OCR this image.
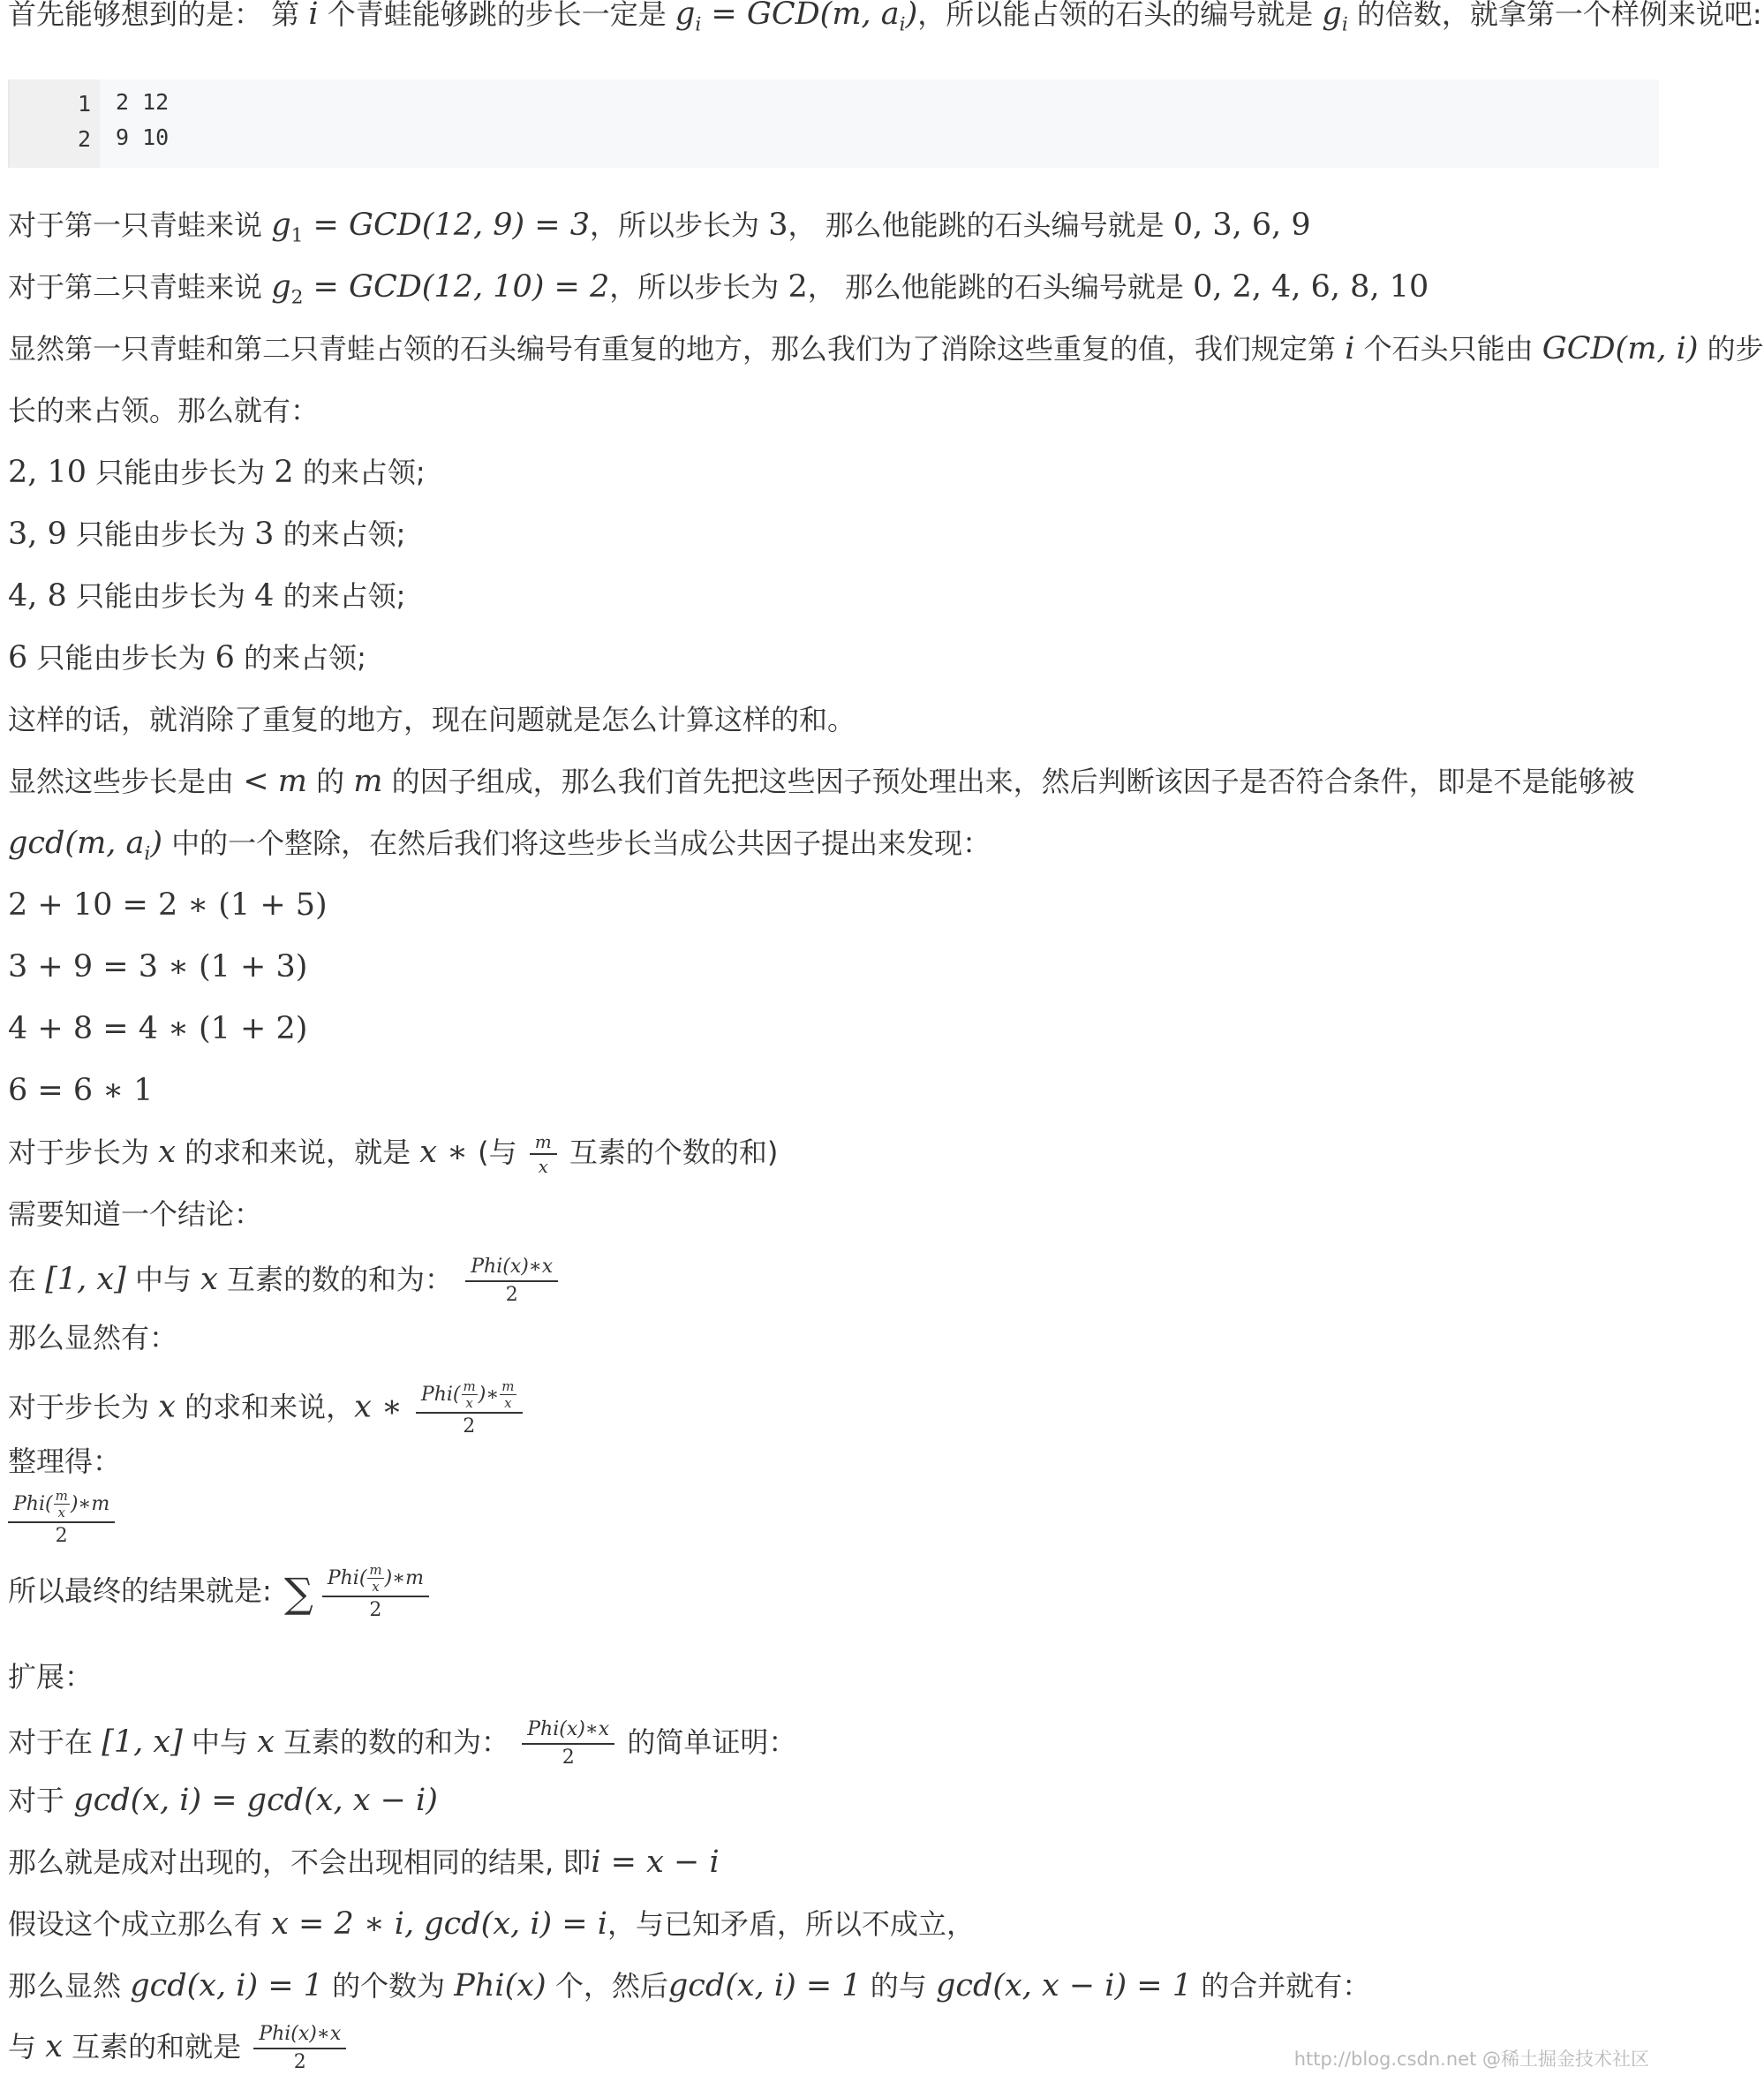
首先能够想到的是： 第 i 个青蛙能够跳的步长一定是 $g_i = GCD(m$, $a_i$)，所以能占领的石头的编号就是 $g_i$ 的倍数，就拿第一个样例来说吧:
1
2
2 12
9 10
对于第一只青蛙来说 $g_1 = GCD(12$, 9) = 3，所以步长为 3， 那么他能跳的石头编号就是 0, 3, 6, 9
对于第二只青蛙来说 $g_2 = GCD(12$, 10) = 2，所以步长为 2， 那么他能跳的石头编号就是 0, 2, 4, 6, 8, 10
显然第一只青蛙和第二只青蛙占领的石头编号有重复的地方，那么我们为了消除这些重复的值，我们规定第 i 个石头只能由 GCD(m, i) 的步
长的来占领。那么就有：
2, 10 只能由步长为 2 的来占领;
3, 9 只能由步长为 3 的来占领;
4, 8 只能由步长为 4 的来占领;
6 只能由步长为 6 的来占领;
这样的话，就消除了重复的地方，现在问题就是怎么计算这样的和。
显然这些步长是由 < m 的 m 的因子组成，那么我们首先把这些因子预处理出来，然后判断该因子是否符合条件，即是不是能够被
gcd(m, $a_i$) 中的一个整除，在然后我们将这些步长当成公共因子提出来发现：
2 + 10 = 2 ∗ (1 + 5)
3 + 9 = 3 ∗ (1 + 3)
4 + 8 = 4 ∗ (1 + 2)
6 = 6 ∗ 1
对于步长为 x 的求和来说，就是 x ∗ (与 $\frac{m}{x}$ 互素的个数的和)
需要知道一个结论：
在 [1, x] 中与 x 互素的数的和为： $\frac{\text{Phi(x)∗x}}{2}$
那么显然有：
对于步长为 x 的求和来说，x ∗ $\frac{Phi( \frac{m}{x} )∗ \frac{m}{x}}{2}$
整理得：
$\frac{Phi( \frac{m}{x} )∗m}{2}$
所以最终的结果就是: ∑ $\frac{Phi( \frac{m}{x} )∗m}{2}$
扩展：
对于在 [1, x] 中与 x 互素的数的和为： $\frac{\text{Phi(x)∗x}}{2}$ 的简单证明：
对于 gcd(x, i) = gcd(x, x − i)
那么就是成对出现的，不会出现相同的结果, 即i = x − i
假设这个成立那么有 x = 2 ∗ i, gcd(x, i) = i，与已知矛盾，所以不成立，
那么显然 gcd(x, i) = 1 的个数为 Phi(x) 个，然后gcd(x, i) = 1 的与 gcd(x, x − i) = 1 的合并就有：
与 x 互素的和就是 $\frac{\text{Phi(x)∗x}}{2}$	http://blog.csdn.net @稀土掘金技术社区
